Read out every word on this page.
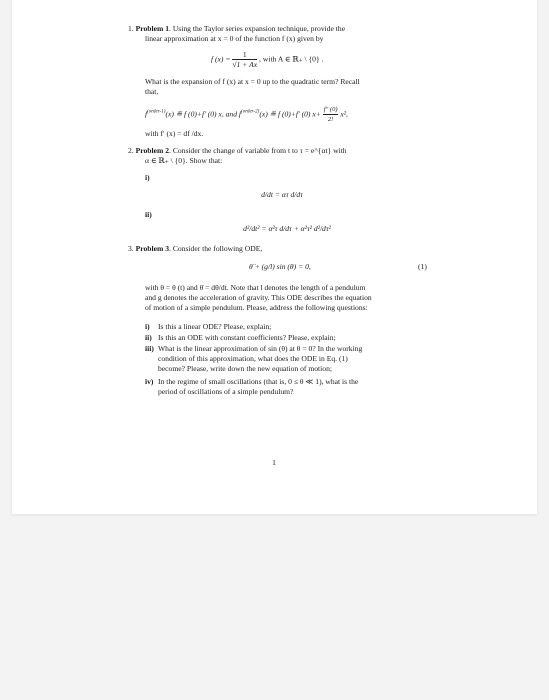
1. Problem 1. Using the Taylor series expansion technique, provide the
linear approximation at x = 0 of the function f (x) given by
f $(x) = \frac{1}{√1 + Ax}$ , with A ∈ ℝ₊ \ {0} .
What is the expansion of f (x) at x = 0 up to the quadratic term? Recall
that,
$f^{(order-1)}(x)$ ≝ f (0)+f′ (0) x, and $f^{(order-2)}(x)$ ≝ f (0)+f′ (0) $x+ \frac{f'' (0)}{2!} x^2$,
with f′ (x) = df /dx.
2. Problem 2. Consider the change of variable from t to τ = e^{αt} with
α ∈ ℝ₊ \ {0}. Show that:
i)
d/dt = ατ d/dτ
ii)
d²/dt² = α²τ d/dτ + α²τ² d²/dτ²
3. Problem 3. Consider the following ODE,
θ̈ + (g/l) sin (θ) = 0,	(1)
with θ = θ (t) and θ̇ = dθ/dt. Note that l denotes the length of a pendulum
and g denotes the acceleration of gravity. This ODE describes the equation
of motion of a simple pendulum. Please, address the following questions:
i) Is this a linear ODE? Please, explain;
ii) Is this an ODE with constant coefficients? Please, explain;
iii) What is the linear approximation of sin (θ) at θ = 0? In the working
condition of this approximation, what does the ODE in Eq. (1)
become? Please, write down the new equation of motion;
iv) In the regime of small oscillations (that is, 0 ≤ θ ≪ 1), what is the
period of oscillations of a simple pendulum?
1
